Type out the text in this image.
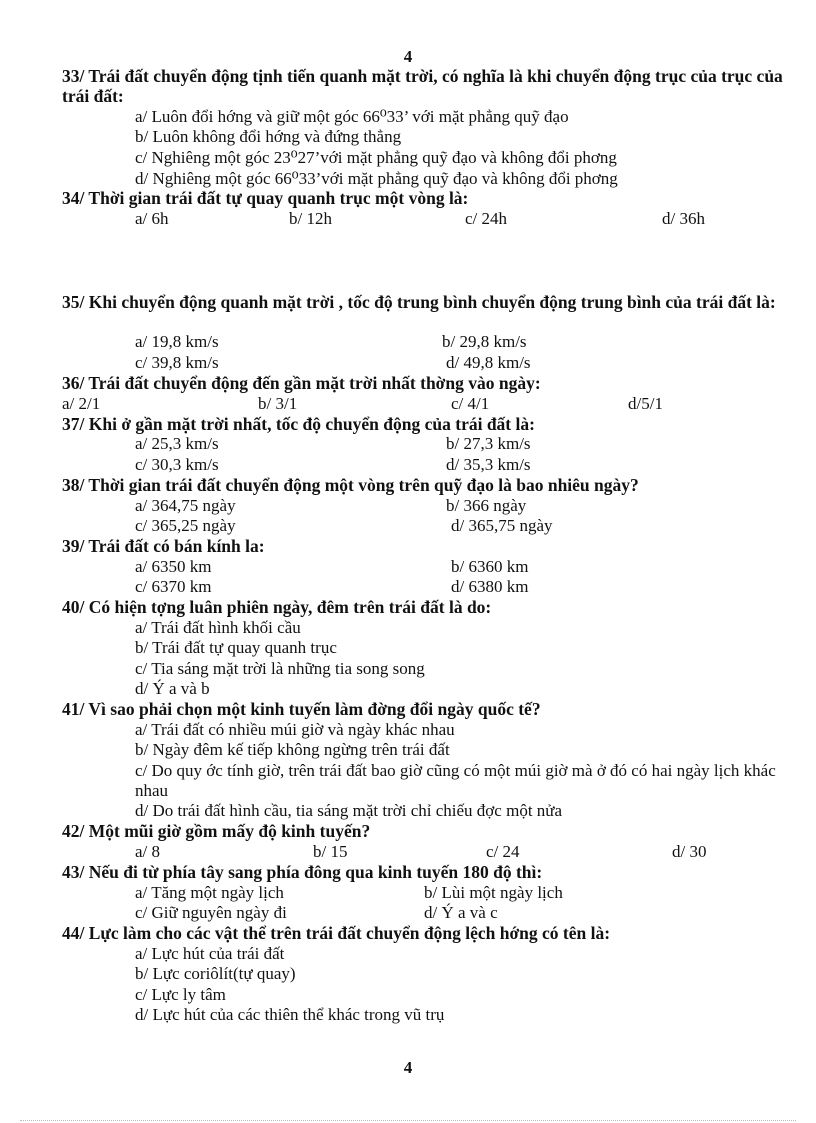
4
33/ Trái đất chuyển động tịnh tiến quanh mặt trời, có nghĩa là khi chuyển động trục của trục của trái đất:
a/ Luôn đổi hớng và giữ một góc 66⁰33’ với mặt phẳng quỹ đạo
b/ Luôn không đổi hớng và đứng thẳng
c/ Nghiêng một góc 23⁰27’với mặt phẳng quỹ đạo và không đổi phơng
d/ Nghiêng một góc 66⁰33’với mặt phẳng quỹ đạo và không đổi phơng
34/ Thời gian trái đất tự quay quanh trục một vòng là:
a/ 6h	b/ 12h	c/ 24h	d/ 36h
35/ Khi chuyển động quanh mặt trời , tốc độ trung bình chuyển động trung bình của trái đất là:
a/ 19,8 km/s	b/ 29,8 km/s
c/ 39,8 km/s	d/ 49,8 km/s
36/ Trái đất chuyển động đến gần mặt trời nhất thờng vào ngày:
a/ 2/1	b/ 3/1	c/ 4/1	d/5/1
37/ Khi ở gần mặt trời nhất, tốc độ chuyển động của trái đất là:
a/ 25,3 km/s	b/ 27,3 km/s
c/ 30,3 km/s	d/ 35,3 km/s
38/ Thời gian trái đất chuyển động một vòng trên quỹ đạo là bao nhiêu ngày?
a/ 364,75 ngày	b/ 366 ngày
c/ 365,25 ngày	d/ 365,75 ngày
39/ Trái đất có bán kính la:
a/ 6350 km	b/ 6360 km
c/ 6370 km	d/ 6380 km
40/ Có hiện tợng luân phiên ngày, đêm trên trái đất là do:
a/ Trái đất hình khối cầu
b/ Trái đất tự quay quanh trục
c/ Tia sáng mặt trời là những tia song song
d/ Ý a và b
41/ Vì sao phải chọn một kinh tuyến làm đờng đổi ngày quốc tế?
a/ Trái đất có nhiều múi giờ và ngày khác nhau
b/ Ngày đêm kế tiếp không ngừng trên trái đất
c/ Do quy ớc tính giờ, trên trái đất bao giờ cũng có một múi giờ mà ở đó có hai ngày lịch khác nhau
d/ Do trái đất hình cầu, tia sáng mặt trời chỉ chiếu đợc một nửa
42/ Một mũi giờ gồm mấy độ kinh tuyến?
a/ 8	b/ 15	c/ 24	d/ 30
43/ Nếu đi từ phía tây sang phía đông qua kinh tuyến 180 độ thì:
a/ Tăng một ngày lịch	b/ Lùi một ngày lịch
c/ Giữ nguyên ngày đi	d/ Ý a và c
44/ Lực làm cho các vật thể trên trái đất chuyển động lệch hớng có tên là:
a/ Lực hút của trái đất
b/ Lực coriôlít(tự quay)
c/ Lực ly tâm
d/ Lực hút của các thiên thể khác trong vũ trụ
4
